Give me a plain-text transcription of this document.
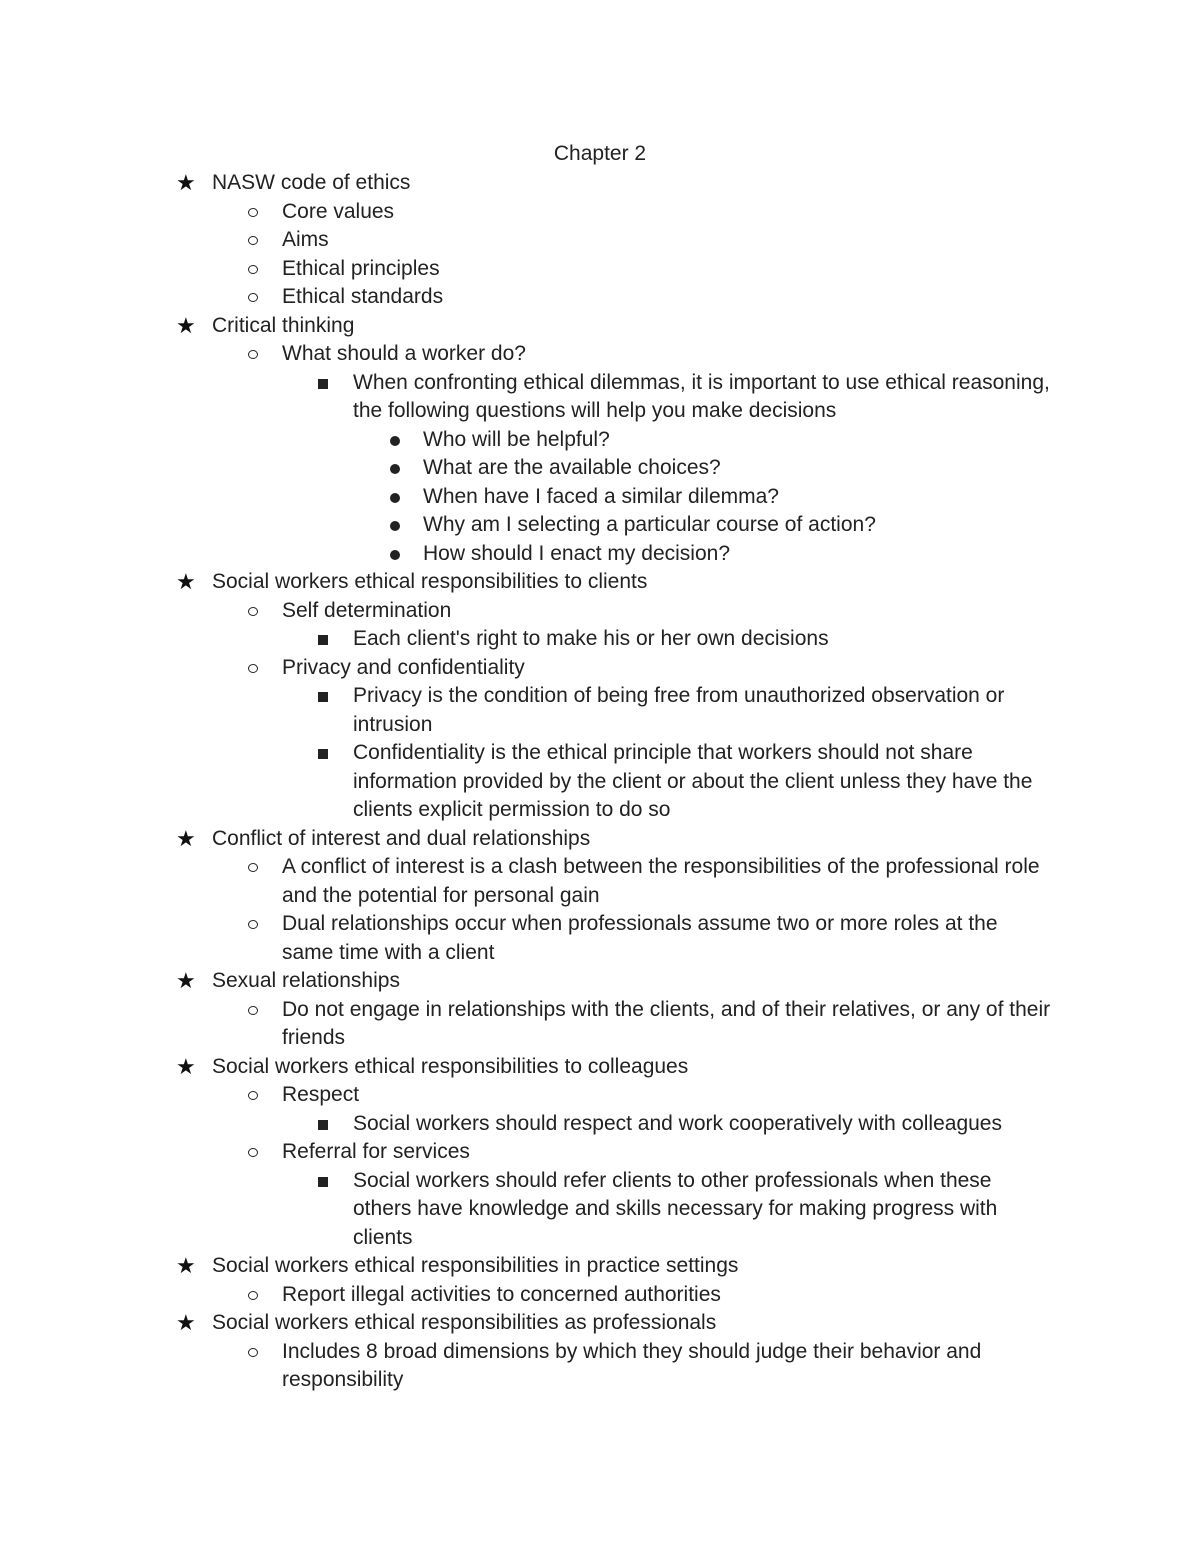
Chapter 2
★ NASW code of ethics
Core values
Aims
Ethical principles
Ethical standards
★ Critical thinking
What should a worker do?
When confronting ethical dilemmas, it is important to use ethical reasoning, the following questions will help you make decisions
Who will be helpful?
What are the available choices?
When have I faced a similar dilemma?
Why am I selecting a particular course of action?
How should I enact my decision?
★ Social workers ethical responsibilities to clients
Self determination
Each client's right to make his or her own decisions
Privacy and confidentiality
Privacy is the condition of being free from unauthorized observation or intrusion
Confidentiality is the ethical principle that workers should not share information provided by the client or about the client unless they have the clients explicit permission to do so
★ Conflict of interest and dual relationships
A conflict of interest is a clash between the responsibilities of the professional role and the potential for personal gain
Dual relationships occur when professionals assume two or more roles at the same time with a client
★ Sexual relationships
Do not engage in relationships with the clients, and of their relatives, or any of their friends
★ Social workers ethical responsibilities to colleagues
Respect
Social workers should respect and work cooperatively with colleagues
Referral for services
Social workers should refer clients to other professionals when these others have knowledge and skills necessary for making progress with clients
★ Social workers ethical responsibilities in practice settings
Report illegal activities to concerned authorities
★ Social workers ethical responsibilities as professionals
Includes 8 broad dimensions by which they should judge their behavior and responsibility
